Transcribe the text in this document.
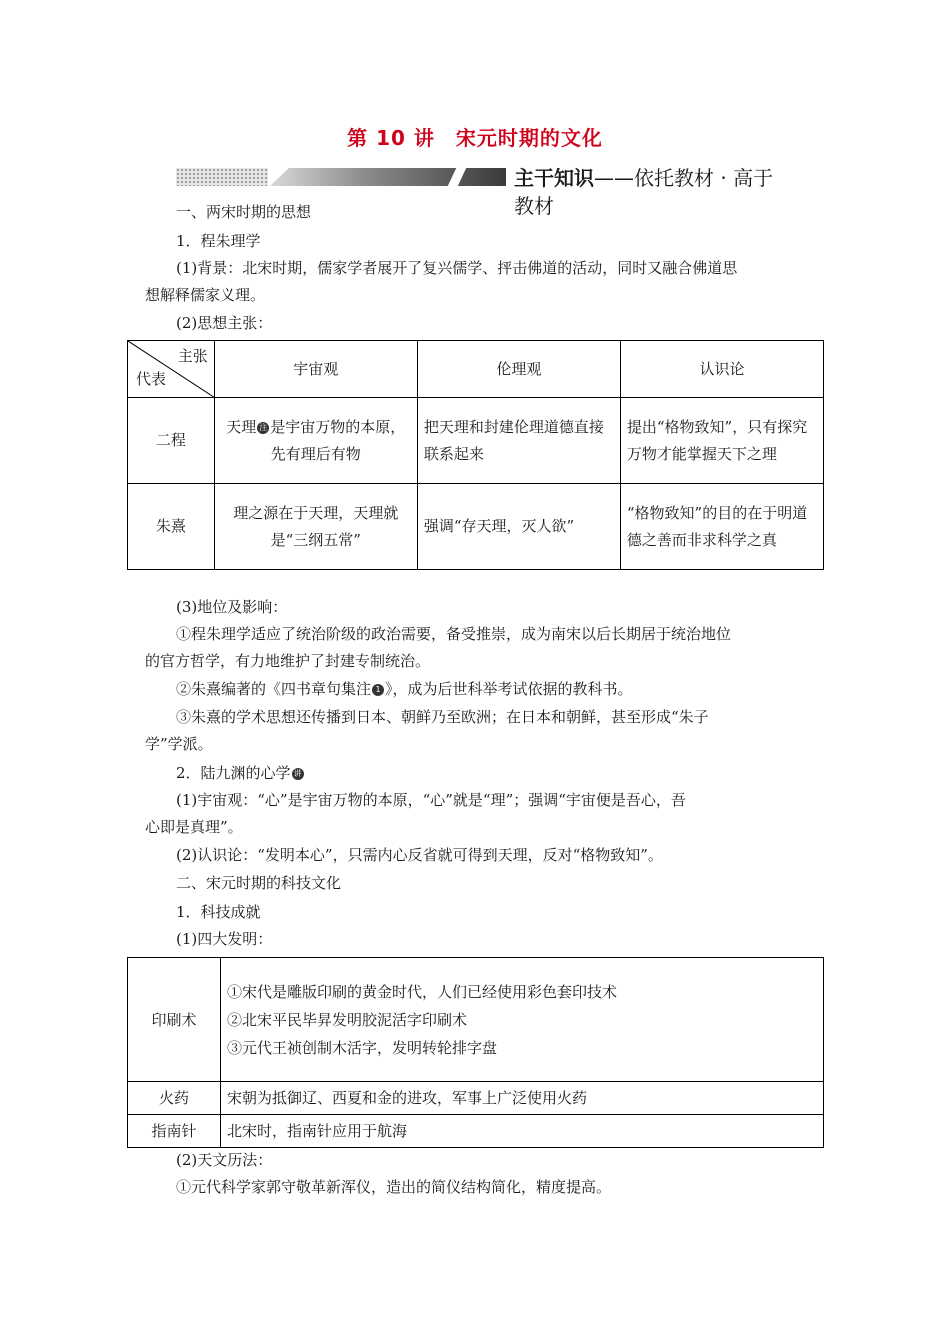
第 10 讲　宋元时期的文化
主干知识——依托教材 · 高于教材

一、两宋时期的思想

1．程朱理学

(1)背景：北宋时期，儒家学者展开了复兴儒学、抨击佛道的活动，同时又融合佛道思

想解释儒家义理。

(2)思想主张：

主张
代表	宇宙观	伦理观	认识论
二程	天理 注 是宇宙万物的本原，先有理后有物	把天理和封建伦理道德直接联系起来	提出“格物致知”，只有探究万物才能掌握天下之理
朱熹	理之源在于天理，天理就是“三纲五常”	强调“存天理，灭人欲”	“格物致知”的目的在于明道德之善而非求科学之真

(3)地位及影响：

①程朱理学适应了统治阶级的政治需要，备受推崇，成为南宋以后长期居于统治地位

的官方哲学，有力地维护了封建专制统治。

②朱熹编著的《四书章句集注 1 》，成为后世科举考试依据的教科书。

③朱熹的学术思想还传播到日本、朝鲜乃至欧洲；在日本和朝鲜，甚至形成“朱子

学”学派。

2．陆九渊的心学 讲

(1)宇宙观：“心”是宇宙万物的本原，“心”就是“理”；强调“宇宙便是吾心，吾

心即是真理”。

(2)认识论：“发明本心”，只需内心反省就可得到天理，反对“格物致知”。

二、宋元时期的科技文化

1．科技成就

(1)四大发明：

印刷术	①宋代是雕版印刷的黄金时代，人们已经使用彩色套印技术
②北宋平民毕昇发明胶泥活字印刷术
③元代王祯创制木活字，发明转轮排字盘

火药	宋朝为抵御辽、西夏和金的进攻，军事上广泛使用火药
指南针	北宋时，指南针应用于航海

(2)天文历法：

①元代科学家郭守敬革新浑仪，造出的简仪结构简化，精度提高。
